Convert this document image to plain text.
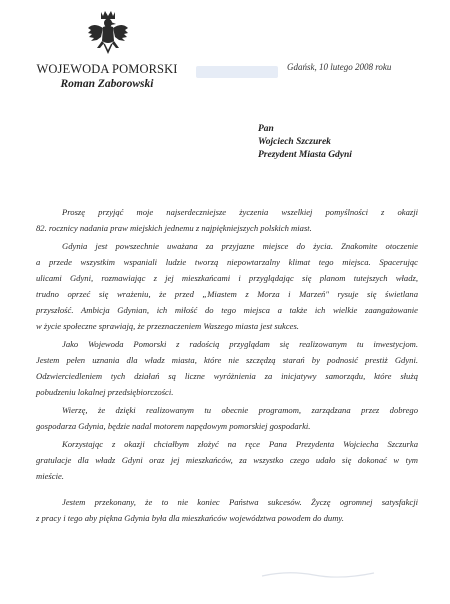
WOJEWODA POMORSKI
Roman Zaborowski
Gdańsk, 10 lutego 2008 roku
Pan
Wojciech Szczurek
Prezydent Miasta Gdyni
Proszę przyjąć moje najserdeczniejsze życzenia wszelkiej pomyślności z okazji
82. rocznicy nadania praw miejskich jednemu z najpiękniejszych polskich miast.
Gdynia jest powszechnie uważana za przyjazne miejsce do życia. Znakomite otoczenie
a przede wszystkim wspaniali ludzie tworzą niepowtarzalny klimat tego miejsca. Spacerując
ulicami Gdyni, rozmawiając z jej mieszkańcami i przyglądając się planom tutejszych władz,
trudno oprzeć się wrażeniu, że przed „Miastem z Morza i Marzeń" rysuje się świetlana
przyszłość. Ambicja Gdynian, ich miłość do tego miejsca a także ich wielkie zaangażowanie
w życie społeczne sprawiają, że przeznaczeniem Waszego miasta jest sukces.
Jako Wojewoda Pomorski z radością przyglądam się realizowanym tu inwestycjom.
Jestem pełen uznania dla władz miasta, które nie szczędzą starań by podnosić prestiż Gdyni.
Odzwierciedleniem tych działań są liczne wyróżnienia za inicjatywy samorządu, które służą
pobudzeniu lokalnej przedsiębiorczości.
Wierzę, że dzięki realizowanym tu obecnie programom, zarządzana przez dobrego
gospodarza Gdynia, będzie nadal motorem napędowym pomorskiej gospodarki.
Korzystając z okazji chciałbym złożyć na ręce Pana Prezydenta Wojciecha Szczurka
gratulacje dla władz Gdyni oraz jej mieszkańców, za wszystko czego udało się dokonać w tym
mieście.
Jestem przekonany, że to nie koniec Państwa sukcesów. Życzę ogromnej satysfakcji
z pracy i tego aby piękna Gdynia była dla mieszkańców województwa powodem do dumy.
